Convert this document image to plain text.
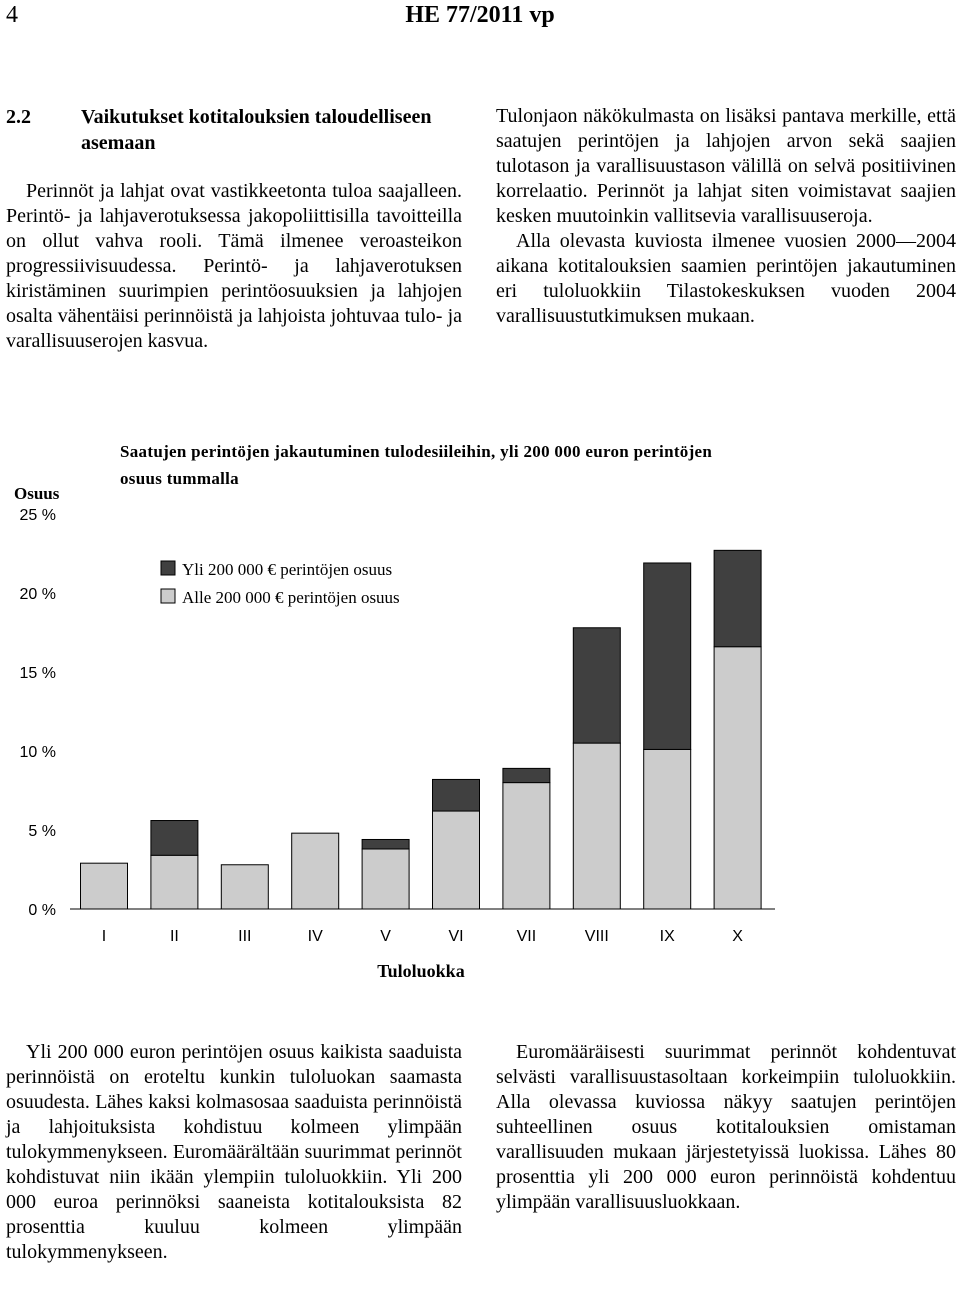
4	HE 77/2011 vp
2.2	Vaikutukset kotitalouksien taloudelliseen asemaan

Perinnöt ja lahjat ovat vastikkeetonta tuloa saajalleen. Perintö- ja lahjaverotuksessa jakopoliittisilla tavoitteilla on ollut vahva rooli. Tämä ilmenee veroasteikon progressiivisuudessa. Perintö- ja lahjaverotuksen kiristäminen suurimpien perintöosuuksien ja lahjojen osalta vähentäisi perinnöistä ja lahjoista johtuvaa tulo- ja varallisuuserojen kasvua.

Tulonjaon näkökulmasta on lisäksi pantava merkille, että saatujen perintöjen ja lahjojen arvon sekä saajien tulotason ja varallisuustason välillä on selvä positiivinen korrelaatio. Perinnöt ja lahjat siten voimistavat saajien kesken muutoinkin vallitsevia varallisuuseroja.

Alla olevasta kuviosta ilmenee vuosien 2000—2004 aikana kotitalouksien saamien perintöjen jakautuminen eri tuloluokkiin Tilastokeskuksen vuoden 2004 varallisuustutkimuksen mukaan.

Saatujen perintöjen jakautuminen tulodesiileihin, yli 200 000 euron perintöjen osuus tummalla
Osuus
0 %
5 %
10 %
15 %
20 %
25 %
I	II	III	IV	V	VI	VII	VIII	IX	X
Yli 200 000 € perintöjen osuus
Alle 200 000 € perintöjen osuus
Tuloluokka

Yli 200 000 euron perintöjen osuus kaikista saaduista perinnöistä on eroteltu kunkin tuloluokan saamasta osuudesta. Lähes kaksi kolmasosaa saaduista perinnöistä ja lahjoituksista kohdistuu kolmeen ylimpään tulokymmenykseen. Euromäärältään suurimmat perinnöt kohdistuvat niin ikään ylempiin tuloluokkiin. Yli 200 000 euroa perinnöksi saaneista kotitalouksista 82 prosenttia kuuluu kolmeen ylimpään tulokymmenykseen.

Euromääräisesti suurimmat perinnöt kohdentuvat selvästi varallisuustasoltaan korkeimpiin tuloluokkiin. Alla olevassa kuviossa näkyy saatujen perintöjen suhteellinen osuus kotitalouksien omistaman varallisuuden mukaan järjestetyissä luokissa. Lähes 80 prosenttia yli 200 000 euron perinnöistä kohdentuu ylimpään varallisuusluokkaan.
